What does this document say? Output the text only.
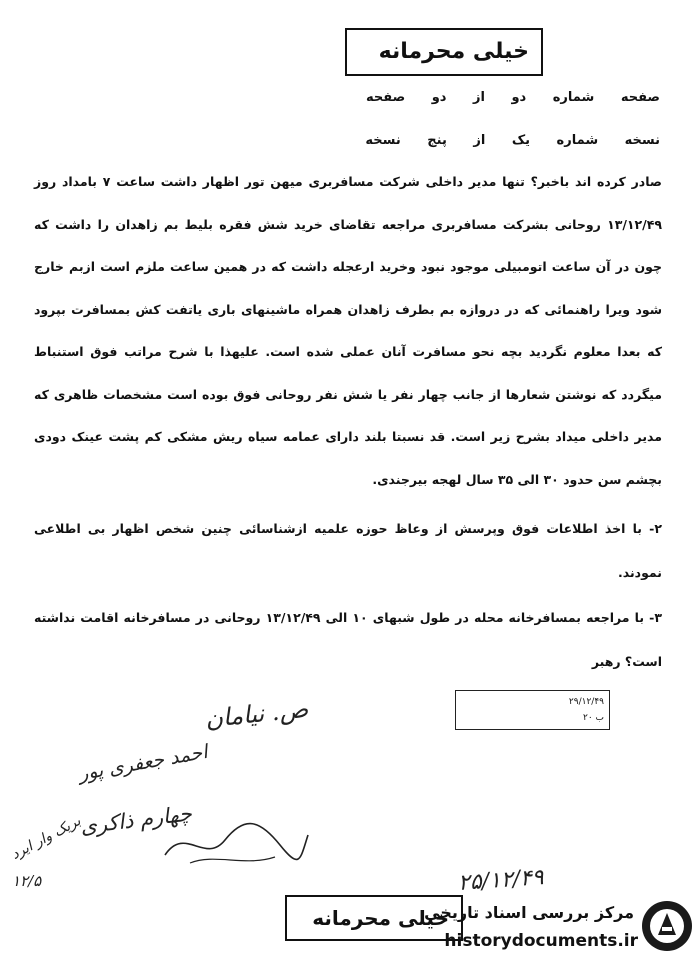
خیلی محرمانه
صفحه شماره دو از دو صفحه
نسخه شماره یک از پنج نسخه
صادر کرده اند باخبر؟ تنها مدیر داخلی شرکت مسافربری میهن تور اظهار داشت ساعت ۷ بامداد روز ۱۳/۱۲/۴۹ روحانی بشرکت مسافربری مراجعه تقاضای خرید شش فقره بلیط بم زاهدان را داشت که چون در آن ساعت اتومبیلی موجود نبود وخرید ارعجله داشت که در همین ساعت ملزم است ازبم خارج شود ویرا راهنمائی که در دروازه بم بطرف زاهدان همراه ماشینهای باری یاتفت کش بمسافرت بپرود که بعدا معلوم نگردید بچه نحو مسافرت آنان عملی شده است. علیهذا با شرح مراتب فوق استنباط میگردد که نوشتن شعارها از جانب چهار نفر یا شش نفر روحانی فوق بوده است مشخصات ظاهری که مدیر داخلی میداد بشرح زیر است. قد نسبتا بلند دارای عمامه سیاه ریش مشکی کم پشت عینک دودی بچشم سن حدود ۳۰ الی ۳۵ سال لهجه بیرجندی.
۲- با اخذ اطلاعات فوق وپرسش از وعاظ حوزه علمیه ازشناسائی چنین شخص اظهار بی اطلاعی نمودند.
۳- با مراجعه بمسافرخانه محله در طول شبهای ۱۰ الی ۱۳/۱۲/۴۹ روحانی در مسافرخانه اقامت نداشته است؟ رهبر
۲۹/۱۲/۴۹
ب ۲۰
ص. نیامان
احمد جعفری پور
چهارم ذاکری
بریک وار ایرد
۱۲/۵	۲۵/۱۲/۴۹
خیلی محرمانه
مرکز بررسی اسناد تاریخی
historydocuments.ir
